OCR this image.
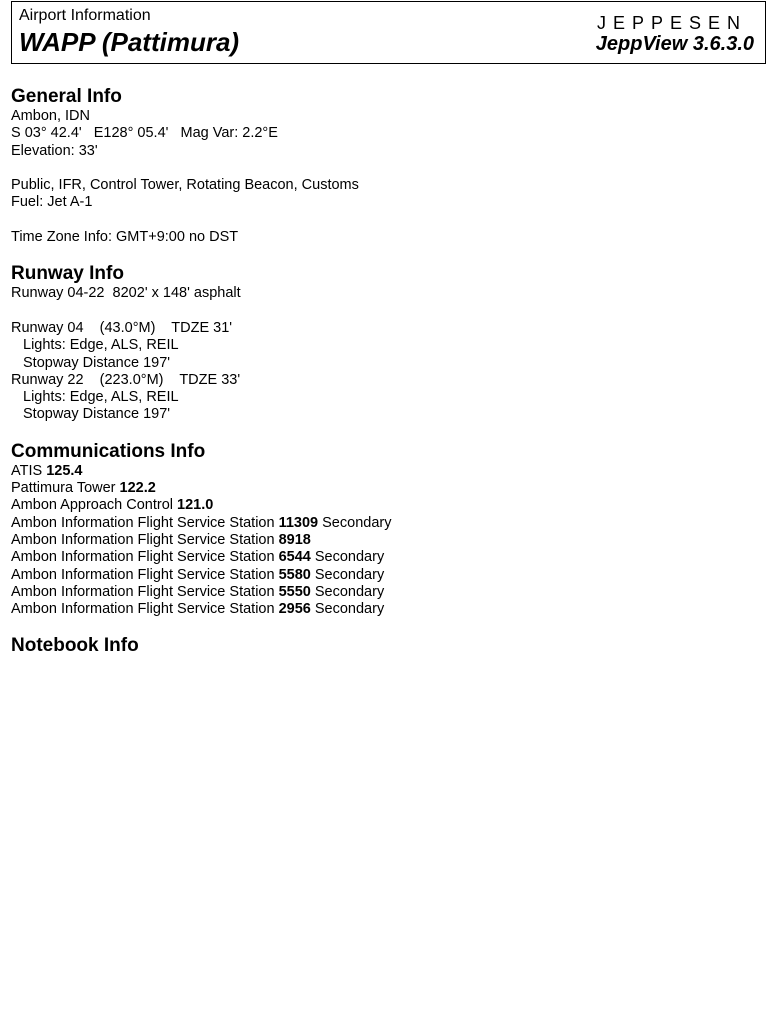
Airport Information
WAPP (Pattimura)
JEPPESEN
JeppView 3.6.3.0
General Info
Ambon, IDN
S 03° 42.4'   E128° 05.4'   Mag Var: 2.2°E
Elevation: 33'
Public, IFR, Control Tower, Rotating Beacon, Customs
Fuel: Jet A-1
Time Zone Info: GMT+9:00 no DST
Runway Info
Runway 04-22  8202' x 148' asphalt
Runway 04    (43.0°M)    TDZE 31'
Lights: Edge, ALS, REIL
Stopway Distance 197'
Runway 22    (223.0°M)    TDZE 33'
Lights: Edge, ALS, REIL
Stopway Distance 197'
Communications Info
ATIS 125.4
Pattimura Tower 122.2
Ambon Approach Control 121.0
Ambon Information Flight Service Station 11309 Secondary
Ambon Information Flight Service Station 8918
Ambon Information Flight Service Station 6544 Secondary
Ambon Information Flight Service Station 5580 Secondary
Ambon Information Flight Service Station 5550 Secondary
Ambon Information Flight Service Station 2956 Secondary
Notebook Info
